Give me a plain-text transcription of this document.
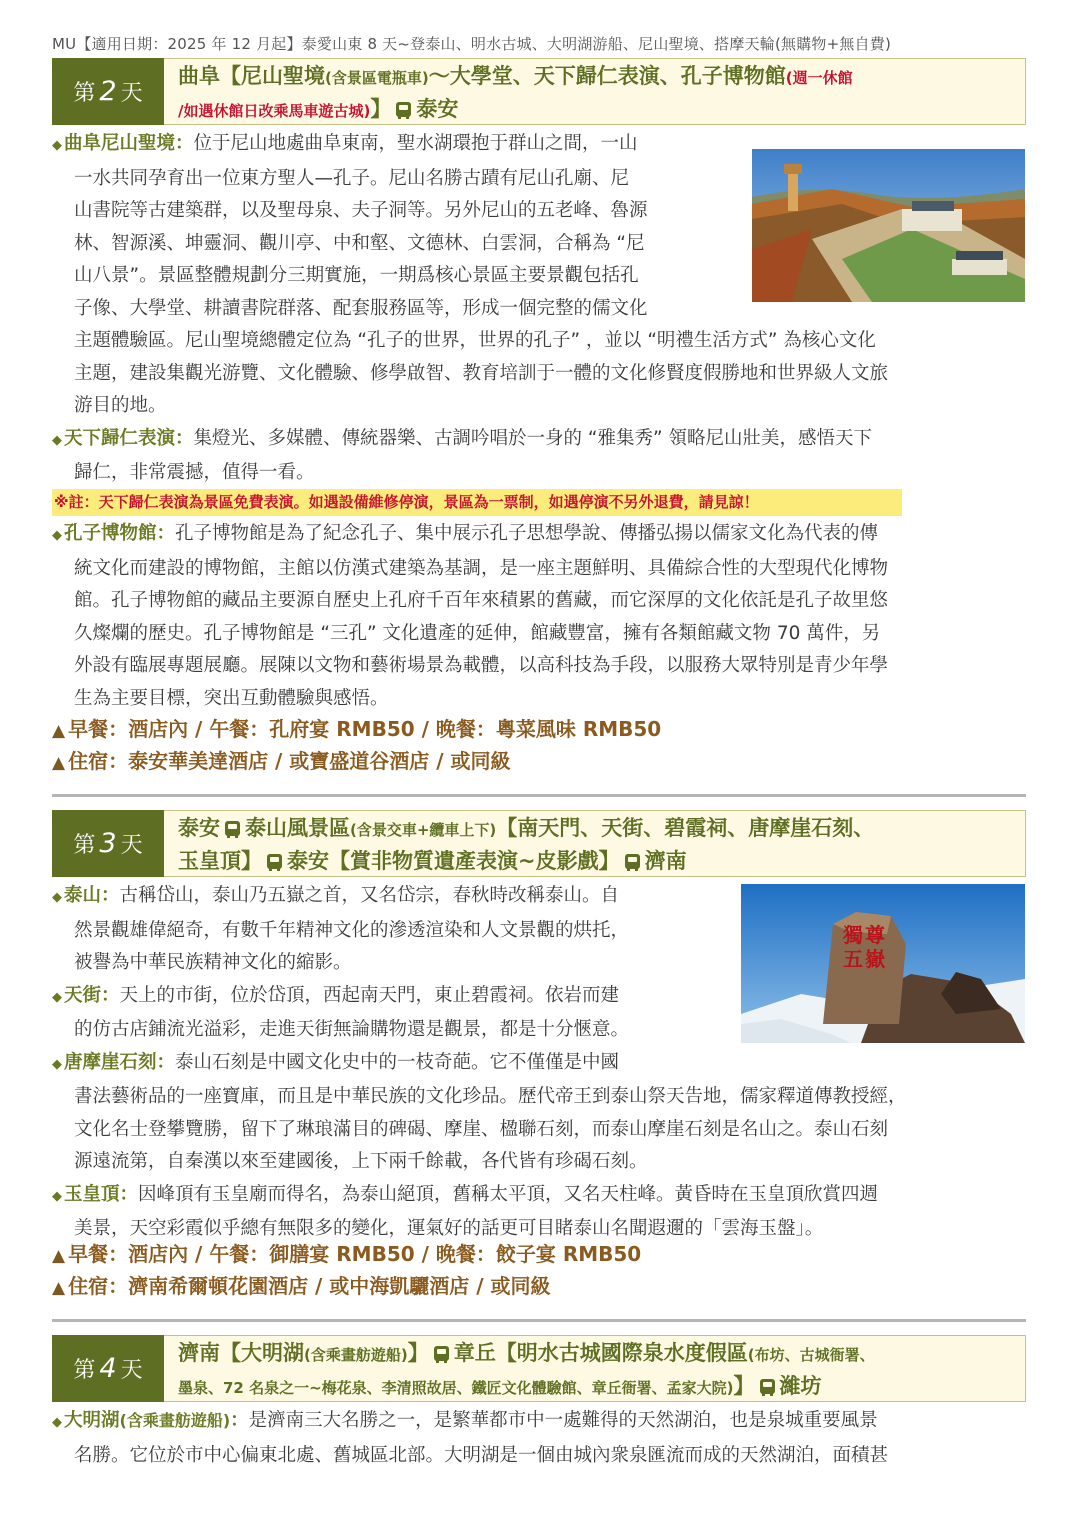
MU【適用日期：2025 年 12 月起】泰愛山東 8 天~登泰山、明水古城、大明湖游船、尼山聖境、搭摩天輪(無購物+無自費)
第 2 天
曲阜【尼山聖境(含景區電瓶車)～大學堂、天下歸仁表演、孔子博物館(週一休館
/如遇休館日改乘馬車遊古城)】 泰安
◆ 曲阜尼山聖境：位于尼山地處曲阜東南，聖水湖環抱于群山之間，一山
一水共同孕育出一位東方聖人—孔子。尼山名勝古蹟有尼山孔廟、尼
山書院等古建築群，以及聖母泉、夫子洞等。另外尼山的五老峰、魯源
林、智源溪、坤靈洞、觀川亭、中和壑、文德林、白雲洞，合稱為 “尼
山八景”。景區整體規劃分三期實施，一期爲核心景區主要景觀包括孔
子像、大學堂、耕讀書院群落、配套服務區等，形成一個完整的儒文化
主題體驗區。尼山聖境總體定位為 “孔子的世界，世界的孔子” ，並以 “明禮生活方式” 為核心文化
主題，建設集觀光游覽、文化體驗、修學啟智、教育培訓于一體的文化修賢度假勝地和世界級人文旅
游目的地。
◆ 天下歸仁表演：集燈光、多媒體、傳統器樂、古調吟唱於一身的 “雅集秀” 領略尼山壯美，感悟天下
歸仁，非常震撼，值得一看。
※註：天下歸仁表演為景區免費表演。如遇設備維修停演，景區為一票制，如遇停演不另外退費，請見諒！
◆ 孔子博物館：孔子博物館是為了紀念孔子、集中展示孔子思想學說、傳播弘揚以儒家文化為代表的傳
統文化而建設的博物館，主館以仿漢式建築為基調，是一座主題鮮明、具備綜合性的大型現代化博物
館。孔子博物館的藏品主要源自歷史上孔府千百年來積累的舊藏，而它深厚的文化依託是孔子故里悠
久燦爛的歷史。孔子博物館是 “三孔” 文化遺產的延伸，館藏豐富，擁有各類館藏文物 70 萬件，另
外設有臨展專題展廳。展陳以文物和藝術場景為載體，以高科技為手段，以服務大眾特別是青少年學
生為主要目標，突出互動體驗與感悟。
▲ 早餐：酒店內 / 午餐：孔府宴 RMB50 / 晚餐：粵菜風味 RMB50
▲ 住宿：泰安華美達酒店 / 或寶盛道谷酒店 / 或同級
第 3 天
泰安 泰山風景區(含景交車+纜車上下)【南天門、天街、碧霞祠、唐摩崖石刻、
玉皇頂】 泰安【賞非物質遺產表演~皮影戲】 濟南
五 嶽獨 尊
◆ 泰山：古稱岱山，泰山乃五嶽之首，又名岱宗，春秋時改稱泰山。自
然景觀雄偉絕奇，有數千年精神文化的滲透渲染和人文景觀的烘托，
被譽為中華民族精神文化的縮影。
◆ 天街：天上的市街，位於岱頂，西起南天門，東止碧霞祠。依岩而建
的仿古店鋪流光溢彩，走進天街無論購物還是觀景，都是十分愜意。
◆ 唐摩崖石刻：泰山石刻是中國文化史中的一枝奇葩。它不僅僅是中國
書法藝術品的一座寶庫，而且是中華民族的文化珍品。歷代帝王到泰山祭天告地，儒家釋道傳教授經，
文化名士登攀覽勝，留下了琳琅滿目的碑碣、摩崖、楹聯石刻，而泰山摩崖石刻是名山之。泰山石刻
源遠流第，自秦漢以來至建國後，上下兩千餘載，各代皆有珍碣石刻。
◆ 玉皇頂：因峰頂有玉皇廟而得名，為泰山絕頂，舊稱太平頂，又名天柱峰。黃昏時在玉皇頂欣賞四週
美景，天空彩霞似乎總有無限多的變化，運氣好的話更可目睹泰山名聞遐邇的「雲海玉盤」。
▲ 早餐：酒店內 / 午餐：御膳宴 RMB50 / 晚餐：餃子宴 RMB50
▲ 住宿：濟南希爾頓花園酒店 / 或中海凱驪酒店 / 或同級
第 4 天
濟南【大明湖(含乘畫舫遊船)】 章丘【明水古城國際泉水度假區(布坊、古城衙署、
墨泉、72 名泉之一~梅花泉、李清照故居、鐵匠文化體驗館、章丘衙署、孟家大院)】 濰坊
◆ 大明湖(含乘畫舫遊船)：是濟南三大名勝之一，是繁華都市中一處難得的天然湖泊，也是泉城重要風景
名勝。它位於市中心偏東北處、舊城區北部。大明湖是一個由城內衆泉匯流而成的天然湖泊，面積甚
